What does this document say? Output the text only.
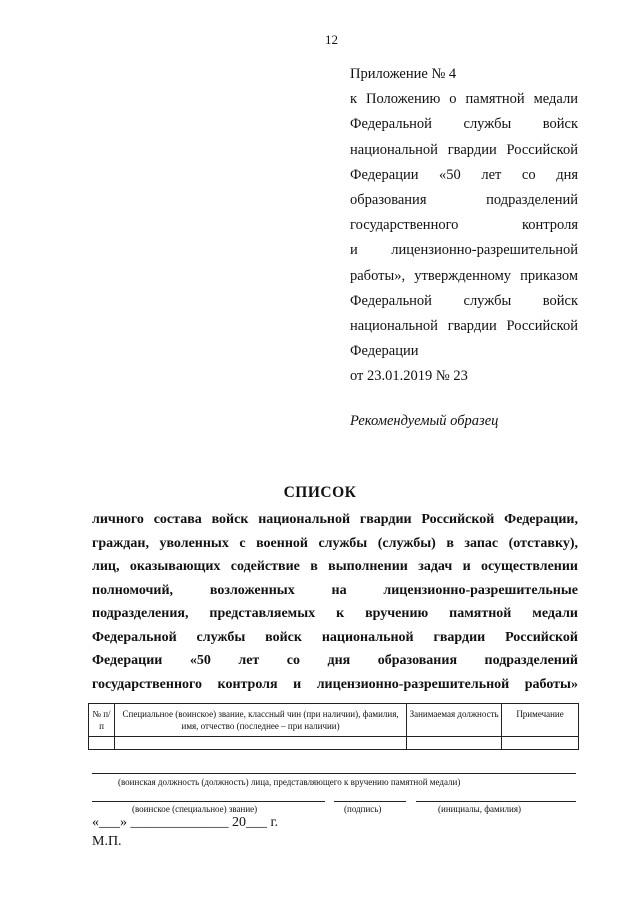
12
Приложение № 4
к Положению о памятной медали
Федеральной службы войск
национальной гвардии Российской
Федерации «50 лет со дня
образования подразделений
государственного контроля
и лицензионно-разрешительной
работы», утвержденному приказом
Федеральной службы войск
национальной гвардии Российской
Федерации
от 23.01.2019 № 23
Рекомендуемый образец
СПИСОК
личного состава войск национальной гвардии Российской Федерации,
граждан, уволенных с военной службы (службы) в запас (отставку),
лиц, оказывающих содействие в выполнении задач и осуществлении
полномочий, возложенных на лицензионно-разрешительные
подразделения, представляемых к вручению памятной медали
Федеральной службы войск национальной гвардии Российской
Федерации «50 лет со дня образования подразделений
государственного контроля и лицензионно-разрешительной работы»
№ п/п	Специальное (воинское) звание, классный чин (при наличии), фамилия, имя, отчество (последнее – при наличии)	Занимаемая должность	Примечание

(воинская должность (должность) лица, представляющего к вручению памятной медали)
(воинское (специальное) звание)	(подпись)	(инициалы, фамилия)
«___» ______________ 20___ г.
М.П.
